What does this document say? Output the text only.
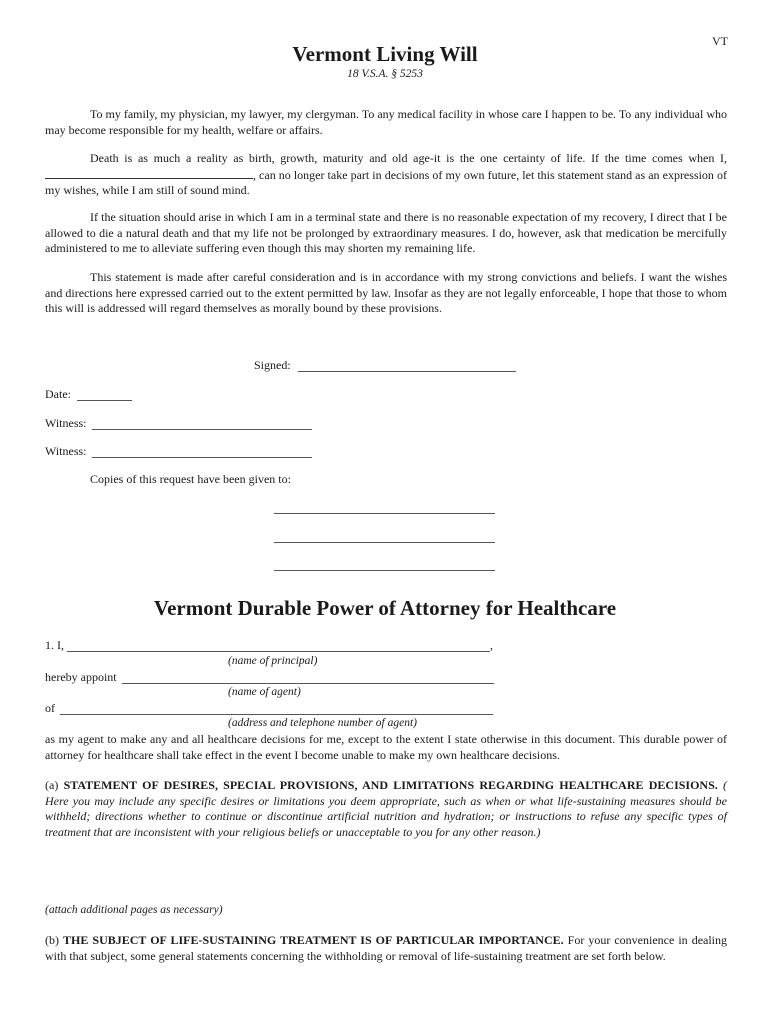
VT
Vermont Living Will
18 V.S.A. § 5253
To my family, my physician, my lawyer, my clergyman. To any medical facility in whose care I happen to be. To any individual who may become responsible for my health, welfare or affairs.
Death is as much a reality as birth, growth, maturity and old age-it is the one certainty of life. If the time comes when I, , can no longer take part in decisions of my own future, let this statement stand as an expression of my wishes, while I am still of sound mind.
If the situation should arise in which I am in a terminal state and there is no reasonable expectation of my recovery, I direct that I be allowed to die a natural death and that my life not be prolonged by extraordinary measures. I do, however, ask that medication be mercifully administered to me to alleviate suffering even though this may shorten my remaining life.
This statement is made after careful consideration and is in accordance with my strong convictions and beliefs. I want the wishes and directions here expressed carried out to the extent permitted by law. Insofar as they are not legally enforceable, I hope that those to whom this will is addressed will regard themselves as morally bound by these provisions.
Signed:
Date:
Witness:
Witness:
Copies of this request have been given to:
Vermont Durable Power of Attorney for Healthcare
1. I,	,
(name of principal)
hereby appoint
(name of agent)
of
(address and telephone number of agent)
as my agent to make any and all healthcare decisions for me, except to the extent I state otherwise in this document. This durable power of attorney for healthcare shall take effect in the event I become unable to make my own healthcare decisions.
(a) STATEMENT OF DESIRES, SPECIAL PROVISIONS, AND LIMITATIONS REGARDING HEALTHCARE DECISIONS. ( Here you may include any specific desires or limitations you deem appropriate, such as when or what life-sustaining measures should be withheld; directions whether to continue or discontinue artificial nutrition and hydration; or instructions to refuse any specific types of treatment that are inconsistent with your religious beliefs or unacceptable to you for any other reason.)
(attach additional pages as necessary)
(b) THE SUBJECT OF LIFE-SUSTAINING TREATMENT IS OF PARTICULAR IMPORTANCE. For your convenience in dealing with that subject, some general statements concerning the withholding or removal of life-sustaining treatment are set forth below.
